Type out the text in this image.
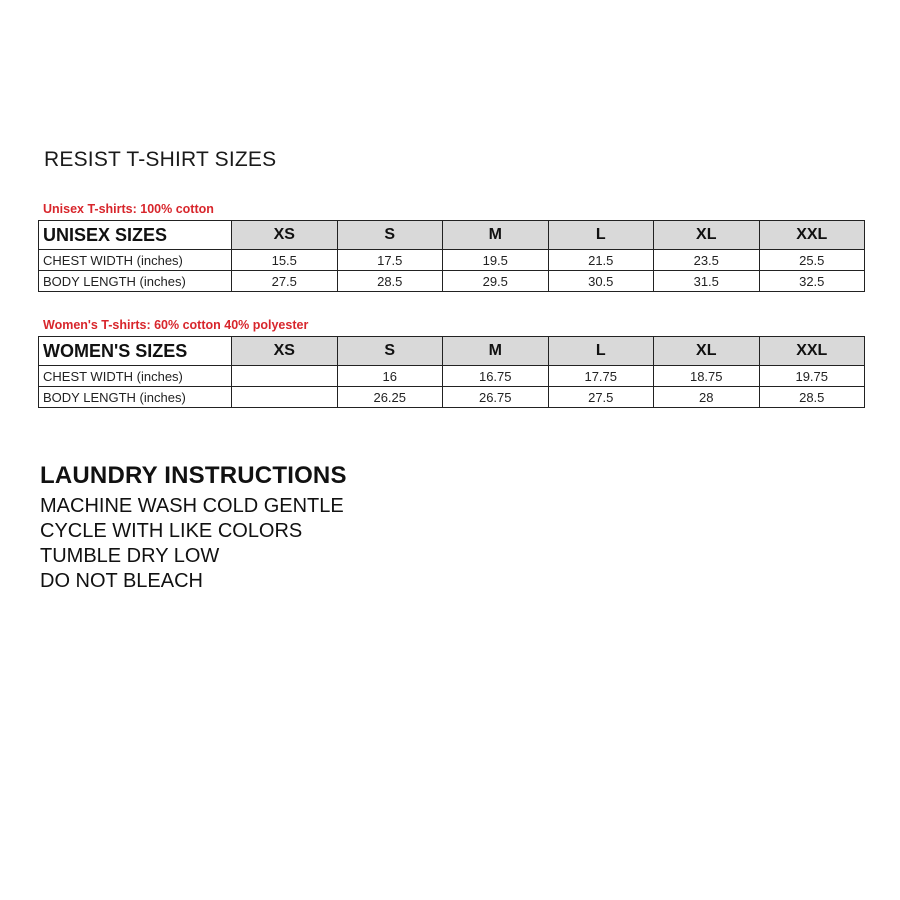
RESIST T-SHIRT SIZES
Unisex T-shirts: 100% cotton
UNISEX SIZES	XS	S	M	L	XL	XXL
CHEST WIDTH (inches)	15.5	17.5	19.5	21.5	23.5	25.5
BODY LENGTH (inches)	27.5	28.5	29.5	30.5	31.5	32.5
Women's T-shirts: 60% cotton 40% polyester
WOMEN'S SIZES	XS	S	M	L	XL	XXL
CHEST WIDTH (inches)		16	16.75	17.75	18.75	19.75
BODY LENGTH (inches)		26.25	26.75	27.5	28	28.5
LAUNDRY INSTRUCTIONS
MACHINE WASH COLD GENTLE
CYCLE WITH LIKE COLORS
TUMBLE DRY LOW
DO NOT BLEACH
